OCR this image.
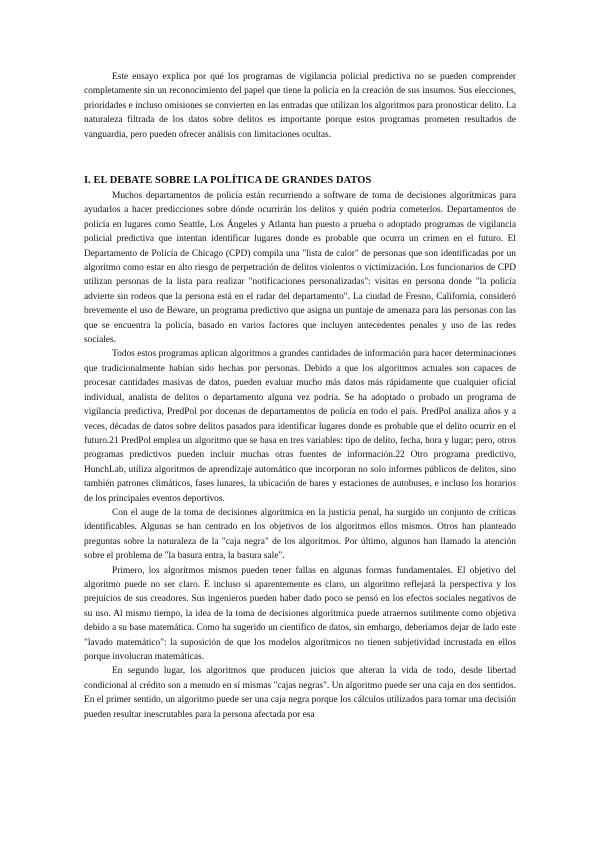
Este ensayo explica por qué los programas de vigilancia policial predictiva no se pueden comprender completamente sin un reconocimiento del papel que tiene la policía en la creación de sus insumos. Sus elecciones, prioridades e incluso omisiones se convierten en las entradas que utilizan los algoritmos para pronosticar delito. La naturaleza filtrada de los datos sobre delitos es importante porque estos programas prometen resultados de vanguardia, pero pueden ofrecer análisis con limitaciones ocultas.

I. EL DEBATE SOBRE LA POLÍTICA DE GRANDES DATOS

Muchos departamentos de policía están recurriendo a software de toma de decisiones algorítmicas para ayudarlos a hacer predicciones sobre dónde ocurrirán los delitos y quién podría cometerlos. Departamentos de policía en lugares como Seattle, Los Ángeles y Atlanta han puesto a prueba o adoptado programas de vigilancia policial predictiva que intentan identificar lugares donde es probable que ocurra un crimen en el futuro. El Departamento de Policía de Chicago (CPD) compila una "lista de calor" de personas que son identificadas por un algoritmo como estar en alto riesgo de perpetración de delitos violentos o victimización. Los funcionarios de CPD utilizan personas de la lista para realizar "notificaciones personalizadas": visitas en persona donde "la policía advierte sin rodeos que la persona está en el radar del departamento". La ciudad de Fresno, California, consideró brevemente el uso de Beware, un programa predictivo que asigna un puntaje de amenaza para las personas con las que se encuentra la policía, basado en varios factores que incluyen antecedentes penales y uso de las redes sociales.

Todos estos programas aplican algoritmos a grandes cantidades de información para hacer determinaciones que tradicionalmente habían sido hechas por personas. Debido a que los algoritmos actuales son capaces de procesar cantidades masivas de datos, pueden evaluar mucho más datos más rápidamente que cualquier oficial individual, analista de delitos o departamento alguna vez podría. Se ha adoptado o probado un programa de vigilancia predictiva, PredPol por docenas de departamentos de policía en todo el país. PredPol analiza años y a veces, décadas de datos sobre delitos pasados para identificar lugares donde es probable que el delito ocurrir en el futuro.21 PredPol emplea un algoritmo que se basa en tres variables: tipo de delito, fecha, hora y lugar; pero, otros programas predictivos pueden incluir muchas otras fuentes de información.22 Otro programa predictivo, HunchLab, utiliza algoritmos de aprendizaje automático que incorporan no solo informes públicos de delitos, sino también patrones climáticos, fases lunares, la ubicación de bares y estaciones de autobuses, e incluso los horarios de los principales eventos deportivos.

Con el auge de la toma de decisiones algorítmica en la justicia penal, ha surgido un conjunto de críticas identificables. Algunas se han centrado en los objetivos de los algoritmos ellos mismos. Otros han planteado preguntas sobre la naturaleza de la "caja negra" de los algoritmos. Por último, algunos han llamado la atención sobre el problema de "la basura entra, la basura sale".

Primero, los algoritmos mismos pueden tener fallas en algunas formas fundamentales. El objetivo del algoritmo puede no ser claro. E incluso si aparentemente es claro, un algoritmo reflejará la perspectiva y los prejuicios de sus creadores. Sus ingenieros pueden haber dado poco se pensó en los efectos sociales negativos de su uso. Al mismo tiempo, la idea de la toma de decisiones algorítmica puede atraernos sutilmente como objetiva debido a su base matemática. Como ha sugerido un científico de datos, sin embargo, deberíamos dejar de lado este "lavado matemático": la suposición de que los modelos algorítmicos no tienen subjetividad incrustada en ellos porque involucran matemáticas.

En segundo lugar, los algoritmos que producen juicios que alteran la vida de todo, desde libertad condicional al crédito son a menudo en sí mismas "cajas negras". Un algoritmo puede ser una caja en dos sentidos. En el primer sentido, un algoritmo puede ser una caja negra porque los cálculos utilizados para tomar una decisión pueden resultar inescrutables para la persona afectada por esa
